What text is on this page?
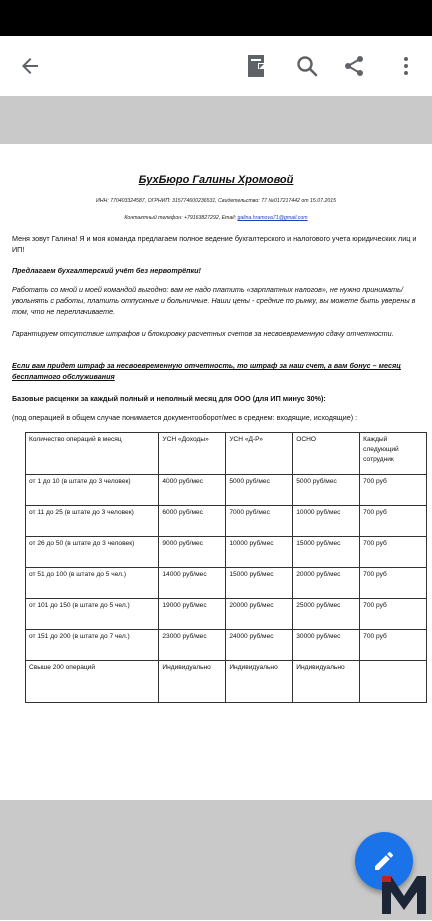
БухБюро Галины Хромовой
ИНН: 770403324587, ОГРНИП: 315774600236531, Свидетельство: 77 №017217442 от 15.07.2015
Контактный телефон: +79163827292, Email: galina.hramova71@gmail.com
Меня зовут Галина! Я и моя команда предлагаем полное ведение бухгалтерского и налогового учета юридических лиц и ИП!
Предлагаем бухгалтерский учёт без нервотрёпки!
Работать со мной и моей командой выгодно: вам не надо платить «зарплатных налогов», не нужно принимать/увольнять с работы, платить отпускные и больничные. Наши цены - средние по рынку, вы можете быть уверены в том, что не переплачиваете.
Гарантируем отсутствие штрафов и блокировку расчетных счетов за несвоевременную сдачу отчетности.
Если вам придет штраф за несвоевременную отчетность, то штраф за наш счет, а вам бонус – месяц бесплатного обслуживания
Базовые расценки за каждый полный и неполный месяц для ООО (для ИП минус 30%):
(под операцией в общем случае понимается документооборот/мес в среднем: входящие, исходящие) :
Количество операций в месяц	УСН «Доходы»	УСН «Д-Р»	ОСНО	Каждый следующий сотрудник
от 1 до 10 (в штате до 3 человек)	4000 руб/мес	5000 руб/мес	5000 руб/мес	700 руб
от 11 до 25 (в штате до 3 человек)	6000 руб/мес	7000 руб/мес	10000 руб/мес	700 руб
от 26 до 50 (в штате до 3 человек)	9000 руб/мес	10000 руб/мес	15000 руб/мес	700 руб
от 51 до 100 (в штате до 5 чел.)	14000 руб/мес	15000 руб/мес	20000 руб/мес	700 руб
от 101 до 150 (в штате до 5 чел.)	19000 руб/мес	20000 руб/мес	25000 руб/мес	700 руб
от 151 до 200 (в штате до 7 чел.)	23000 руб/мес	24000 руб/мес	30000 руб/мес	700 руб
Свыше 200 операций	Индивидуально	Индивидуально	Индивидуально	
